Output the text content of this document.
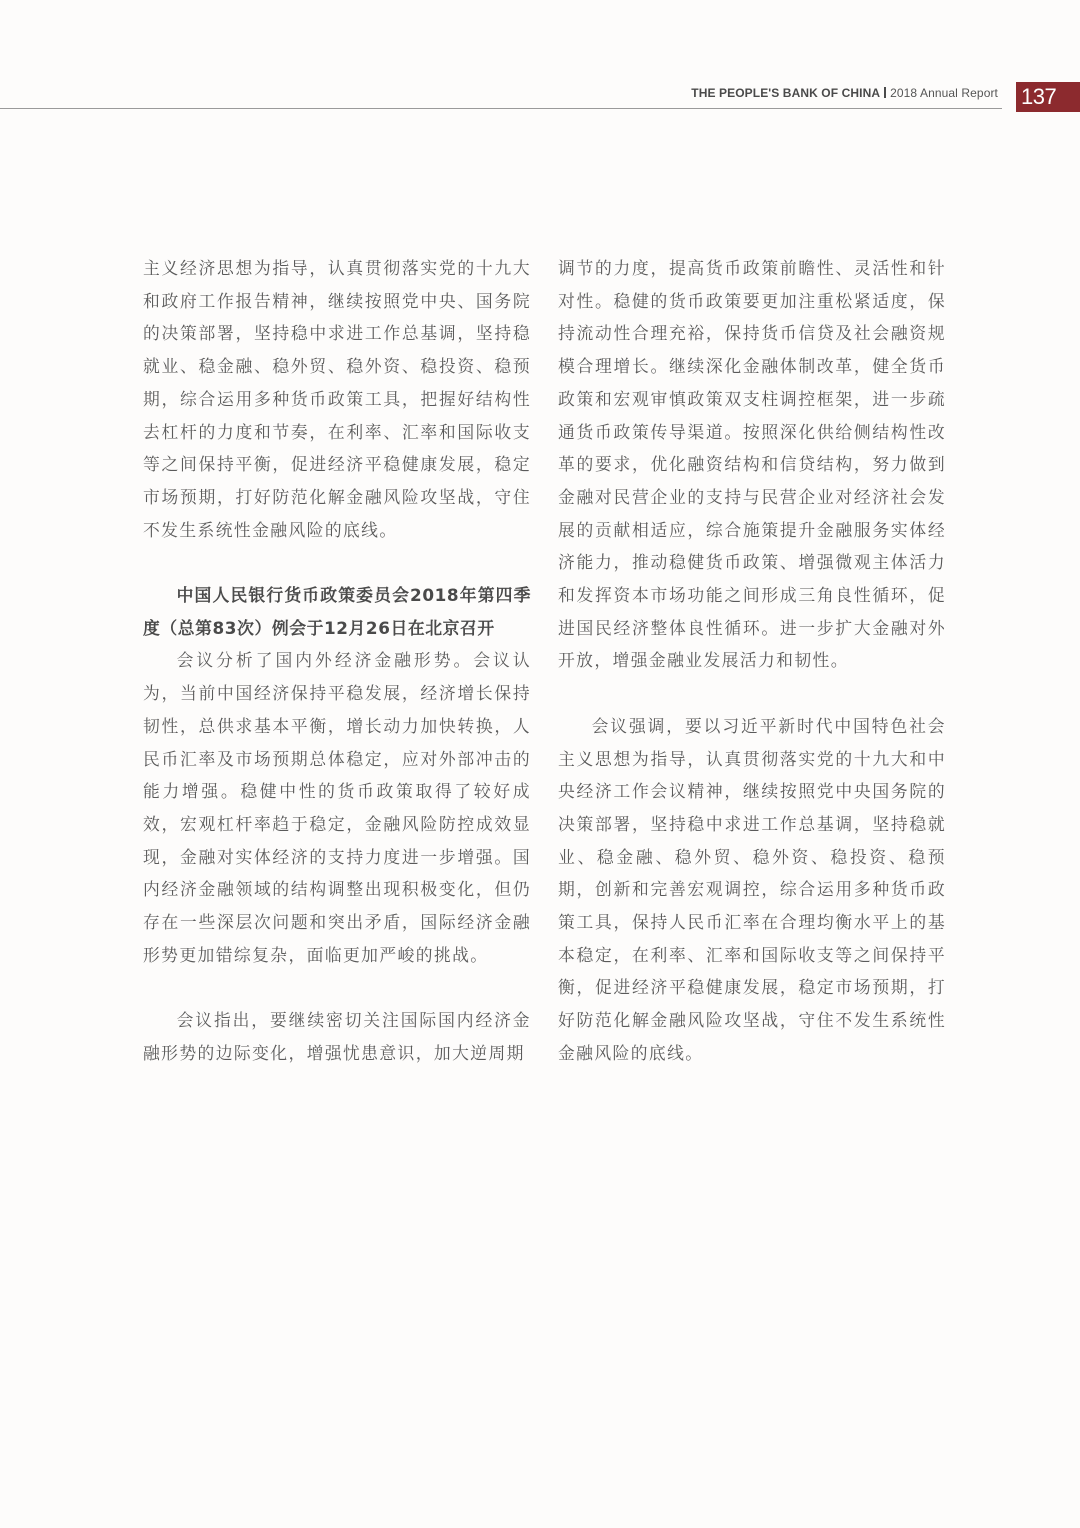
THE PEOPLE'S BANK OF CHINA 2018 Annual Report 137

主义经济思想为指导，认真贯彻落实党的十九大和政府工作报告精神，继续按照党中央、国务院的决策部署，坚持稳中求进工作总基调，坚持稳就业、稳金融、稳外贸、稳外资、稳投资、稳预期，综合运用多种货币政策工具，把握好结构性去杠杆的力度和节奏，在利率、汇率和国际收支等之间保持平衡，促进经济平稳健康发展，稳定市场预期，打好防范化解金融风险攻坚战，守住不发生系统性金融风险的底线。

中国人民银行货币政策委员会2018年第四季度（总第83次）例会于12月26日在北京召开

会议分析了国内外经济金融形势。会议认为，当前中国经济保持平稳发展，经济增长保持韧性，总供求基本平衡，增长动力加快转换，人民币汇率及市场预期总体稳定，应对外部冲击的能力增强。稳健中性的货币政策取得了较好成效，宏观杠杆率趋于稳定，金融风险防控成效显现，金融对实体经济的支持力度进一步增强。国内经济金融领域的结构调整出现积极变化，但仍存在一些深层次问题和突出矛盾，国际经济金融形势更加错综复杂，面临更加严峻的挑战。

会议指出，要继续密切关注国际国内经济金融形势的边际变化，增强忧患意识，加大逆周期

调节的力度，提高货币政策前瞻性、灵活性和针对性。稳健的货币政策要更加注重松紧适度，保持流动性合理充裕，保持货币信贷及社会融资规模合理增长。继续深化金融体制改革，健全货币政策和宏观审慎政策双支柱调控框架，进一步疏通货币政策传导渠道。按照深化供给侧结构性改革的要求，优化融资结构和信贷结构，努力做到金融对民营企业的支持与民营企业对经济社会发展的贡献相适应，综合施策提升金融服务实体经济能力，推动稳健货币政策、增强微观主体活力和发挥资本市场功能之间形成三角良性循环，促进国民经济整体良性循环。进一步扩大金融对外开放，增强金融业发展活力和韧性。

会议强调，要以习近平新时代中国特色社会主义思想为指导，认真贯彻落实党的十九大和中央经济工作会议精神，继续按照党中央国务院的决策部署，坚持稳中求进工作总基调，坚持稳就业、稳金融、稳外贸、稳外资、稳投资、稳预期，创新和完善宏观调控，综合运用多种货币政策工具，保持人民币汇率在合理均衡水平上的基本稳定，在利率、汇率和国际收支等之间保持平衡，促进经济平稳健康发展，稳定市场预期，打好防范化解金融风险攻坚战，守住不发生系统性金融风险的底线。
